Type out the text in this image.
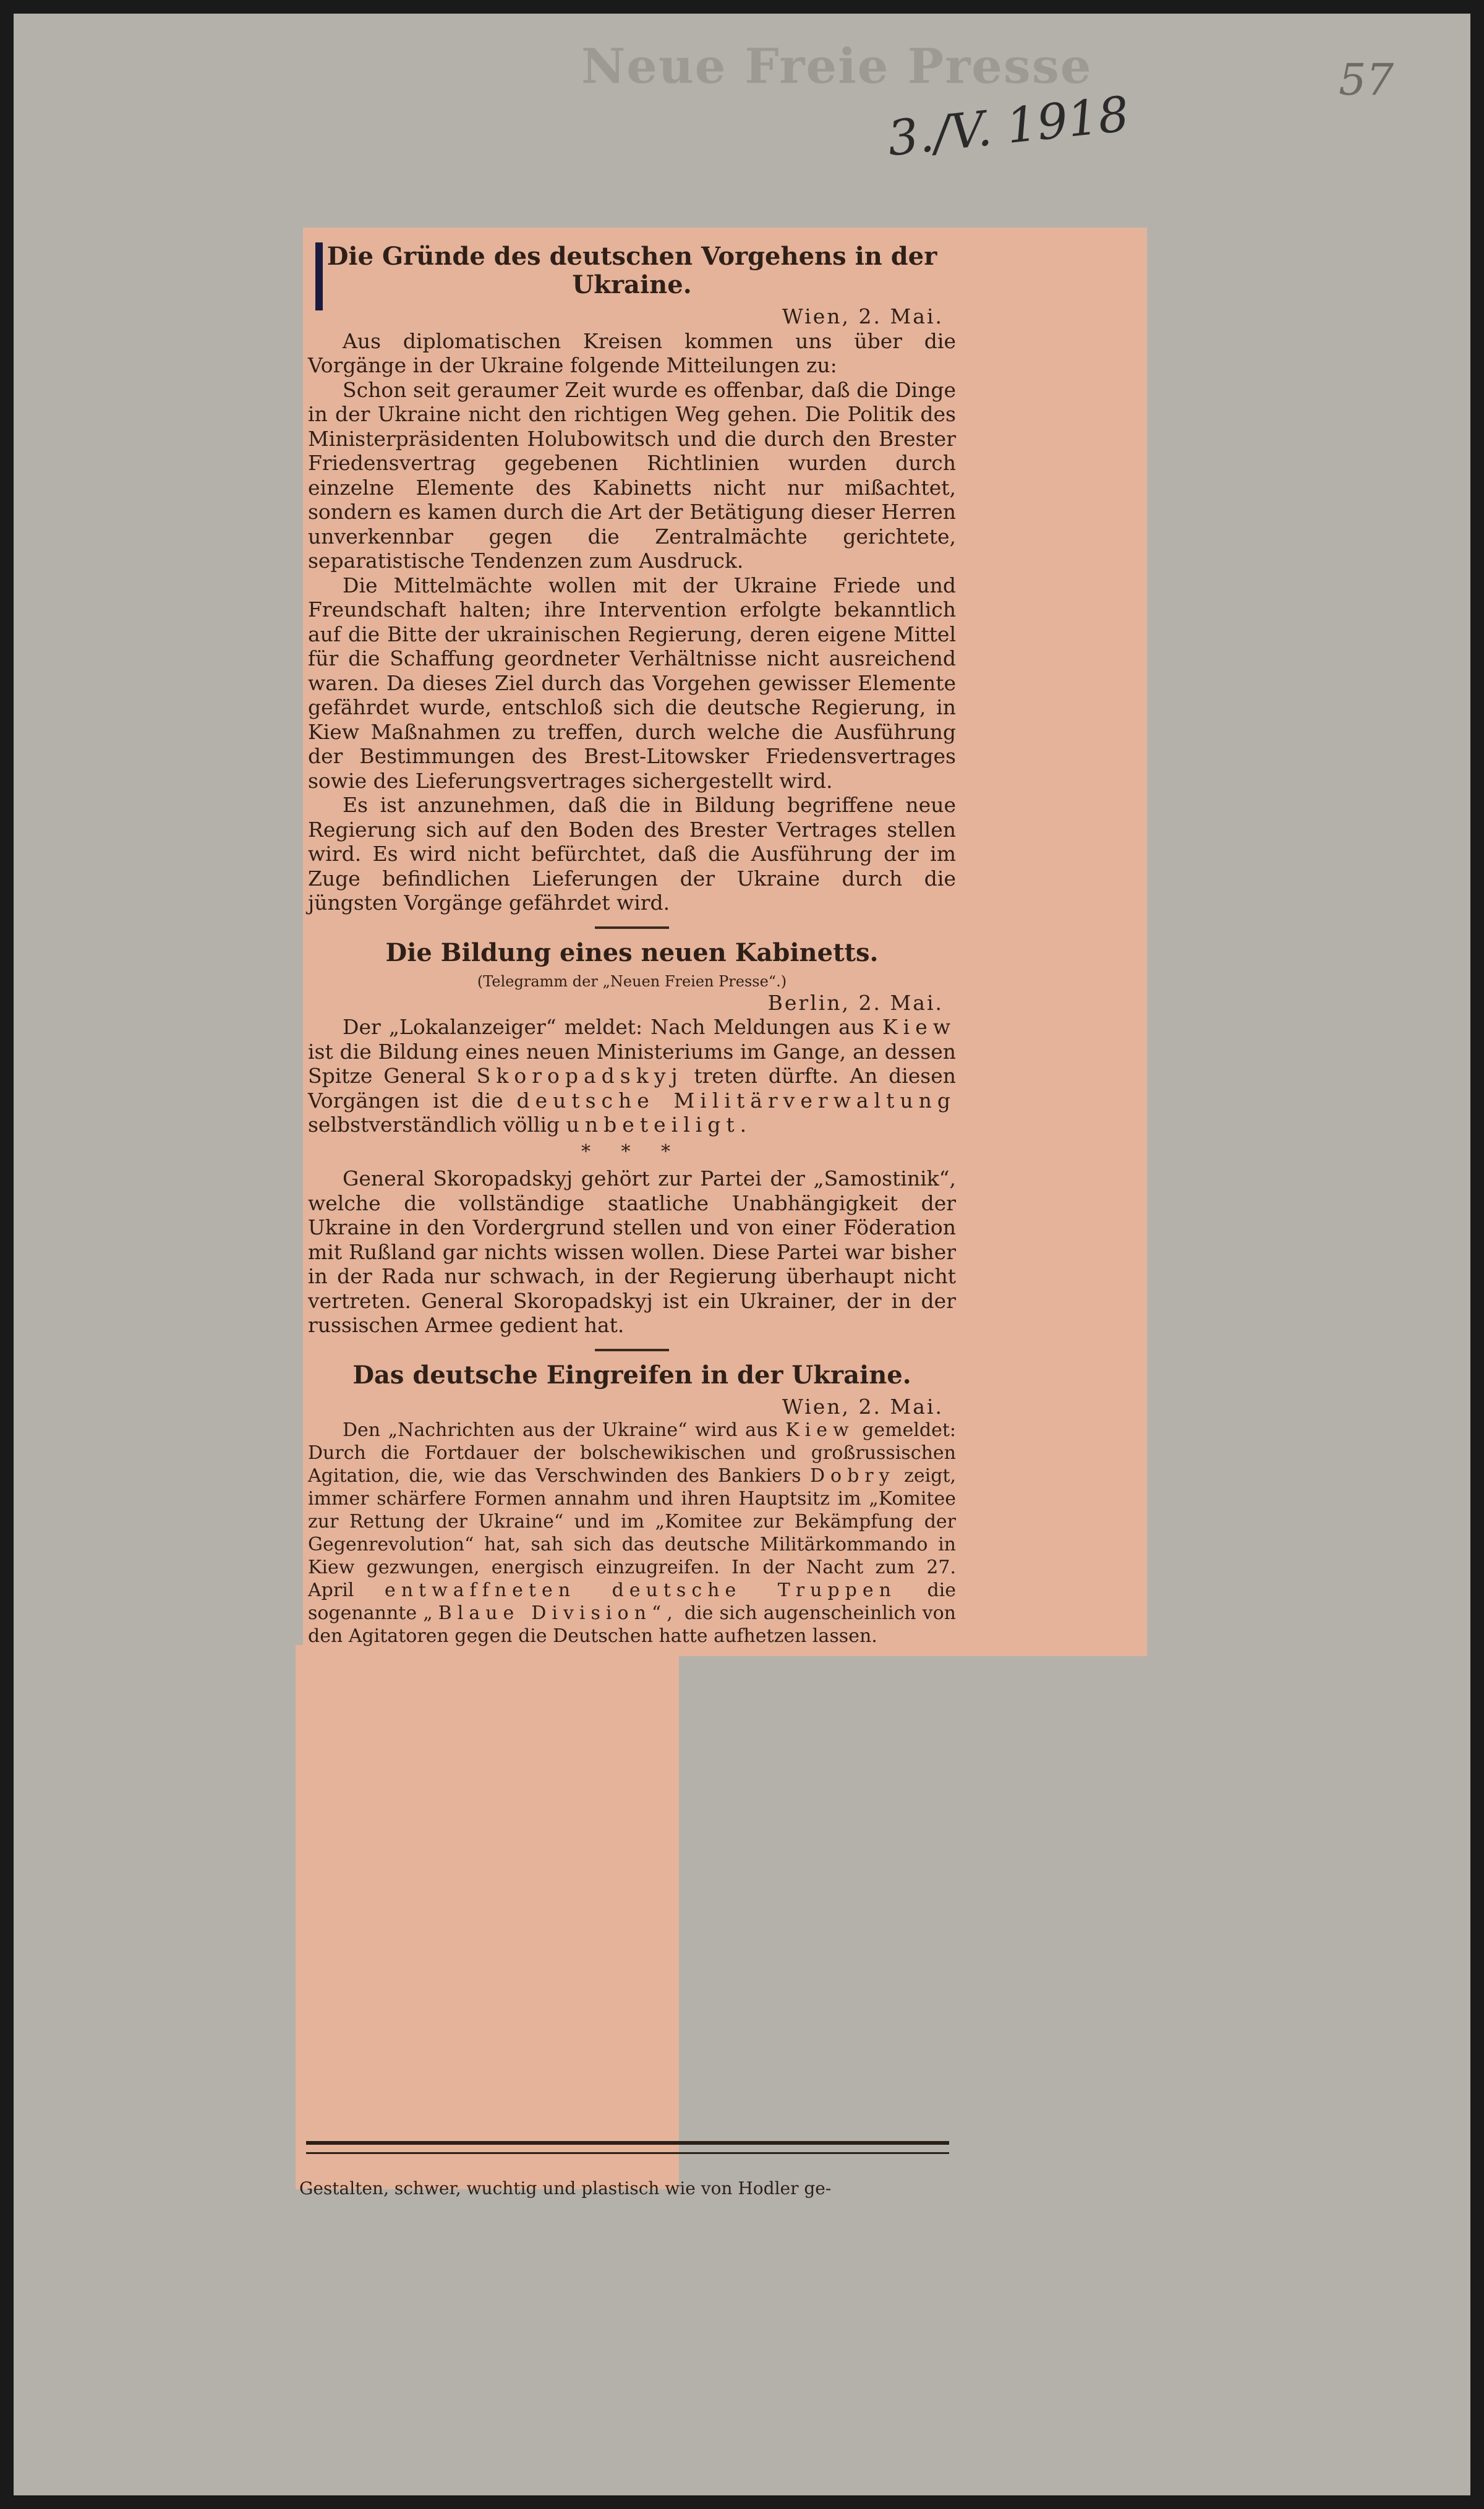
Neue Freie Presse
3./V. 1918
57
Die Gründe des deutschen Vorgehens in der Ukraine.
Wien, 2. Mai.

Aus diplomatischen Kreisen kommen uns über die Vorgänge in der Ukraine folgende Mitteilungen zu:

Schon seit geraumer Zeit wurde es offenbar, daß die Dinge in der Ukraine nicht den richtigen Weg gehen. Die Politik des Ministerpräsidenten Holubowitsch und die durch den Brester Friedensvertrag gegebenen Richtlinien wurden durch einzelne Elemente des Kabinetts nicht nur mißachtet, sondern es kamen durch die Art der Betätigung dieser Herren unverkennbar gegen die Zentralmächte gerichtete, separatistische Tendenzen zum Ausdruck.

Die Mittelmächte wollen mit der Ukraine Friede und Freundschaft halten; ihre Intervention erfolgte bekanntlich auf die Bitte der ukrainischen Regierung, deren eigene Mittel für die Schaffung geordneter Verhältnisse nicht ausreichend waren. Da dieses Ziel durch das Vorgehen gewisser Elemente gefährdet wurde, entschloß sich die deutsche Regierung, in Kiew Maßnahmen zu treffen, durch welche die Ausführung der Bestimmungen des Brest-Litowsker Friedensvertrages sowie des Lieferungsvertrages sichergestellt wird.

Es ist anzunehmen, daß die in Bildung begriffene neue Regierung sich auf den Boden des Brester Vertrages stellen wird. Es wird nicht befürchtet, daß die Ausführung der im Zuge befindlichen Lieferungen der Ukraine durch die jüngsten Vorgänge gefährdet wird.

Die Bildung eines neuen Kabinetts.
(Telegramm der „Neuen Freien Presse“.)
Berlin, 2. Mai.

Der „Lokalanzeiger“ meldet: Nach Meldungen aus Kiew ist die Bildung eines neuen Ministeriums im Gange, an dessen Spitze General Skoropadskyj treten dürfte. An diesen Vorgängen ist die deutsche Militärverwaltung selbstverständlich völlig unbeteiligt.

* * *

General Skoropadskyj gehört zur Partei der „Samostinik“, welche die vollständige staatliche Unabhängigkeit der Ukraine in den Vordergrund stellen und von einer Föderation mit Rußland gar nichts wissen wollen. Diese Partei war bisher in der Rada nur schwach, in der Regierung überhaupt nicht vertreten. General Skoropadskyj ist ein Ukrainer, der in der russischen Armee gedient hat.

Das deutsche Eingreifen in der Ukraine.
Wien, 2. Mai.

Den „Nachrichten aus der Ukraine“ wird aus Kiew gemeldet: Durch die Fortdauer der bolschewikischen und großrussischen Agitation, die, wie das Verschwinden des Bankiers Dobry zeigt, immer schärfere Formen annahm und ihren Hauptsitz im „Komitee zur Rettung der Ukraine“ und im „Komitee zur Bekämpfung der Gegenrevolution“ hat, sah sich das deutsche Militärkommando in Kiew gezwungen, energisch einzugreifen. In der Nacht zum 27. April entwaffneten deutsche Truppen die sogenannte „Blaue Division“, die sich augenscheinlich von den Agitatoren gegen die Deutschen hatte aufhetzen lassen.

Gestalten, schwer, wuchtig und plastisch wie von Hodler ge-
